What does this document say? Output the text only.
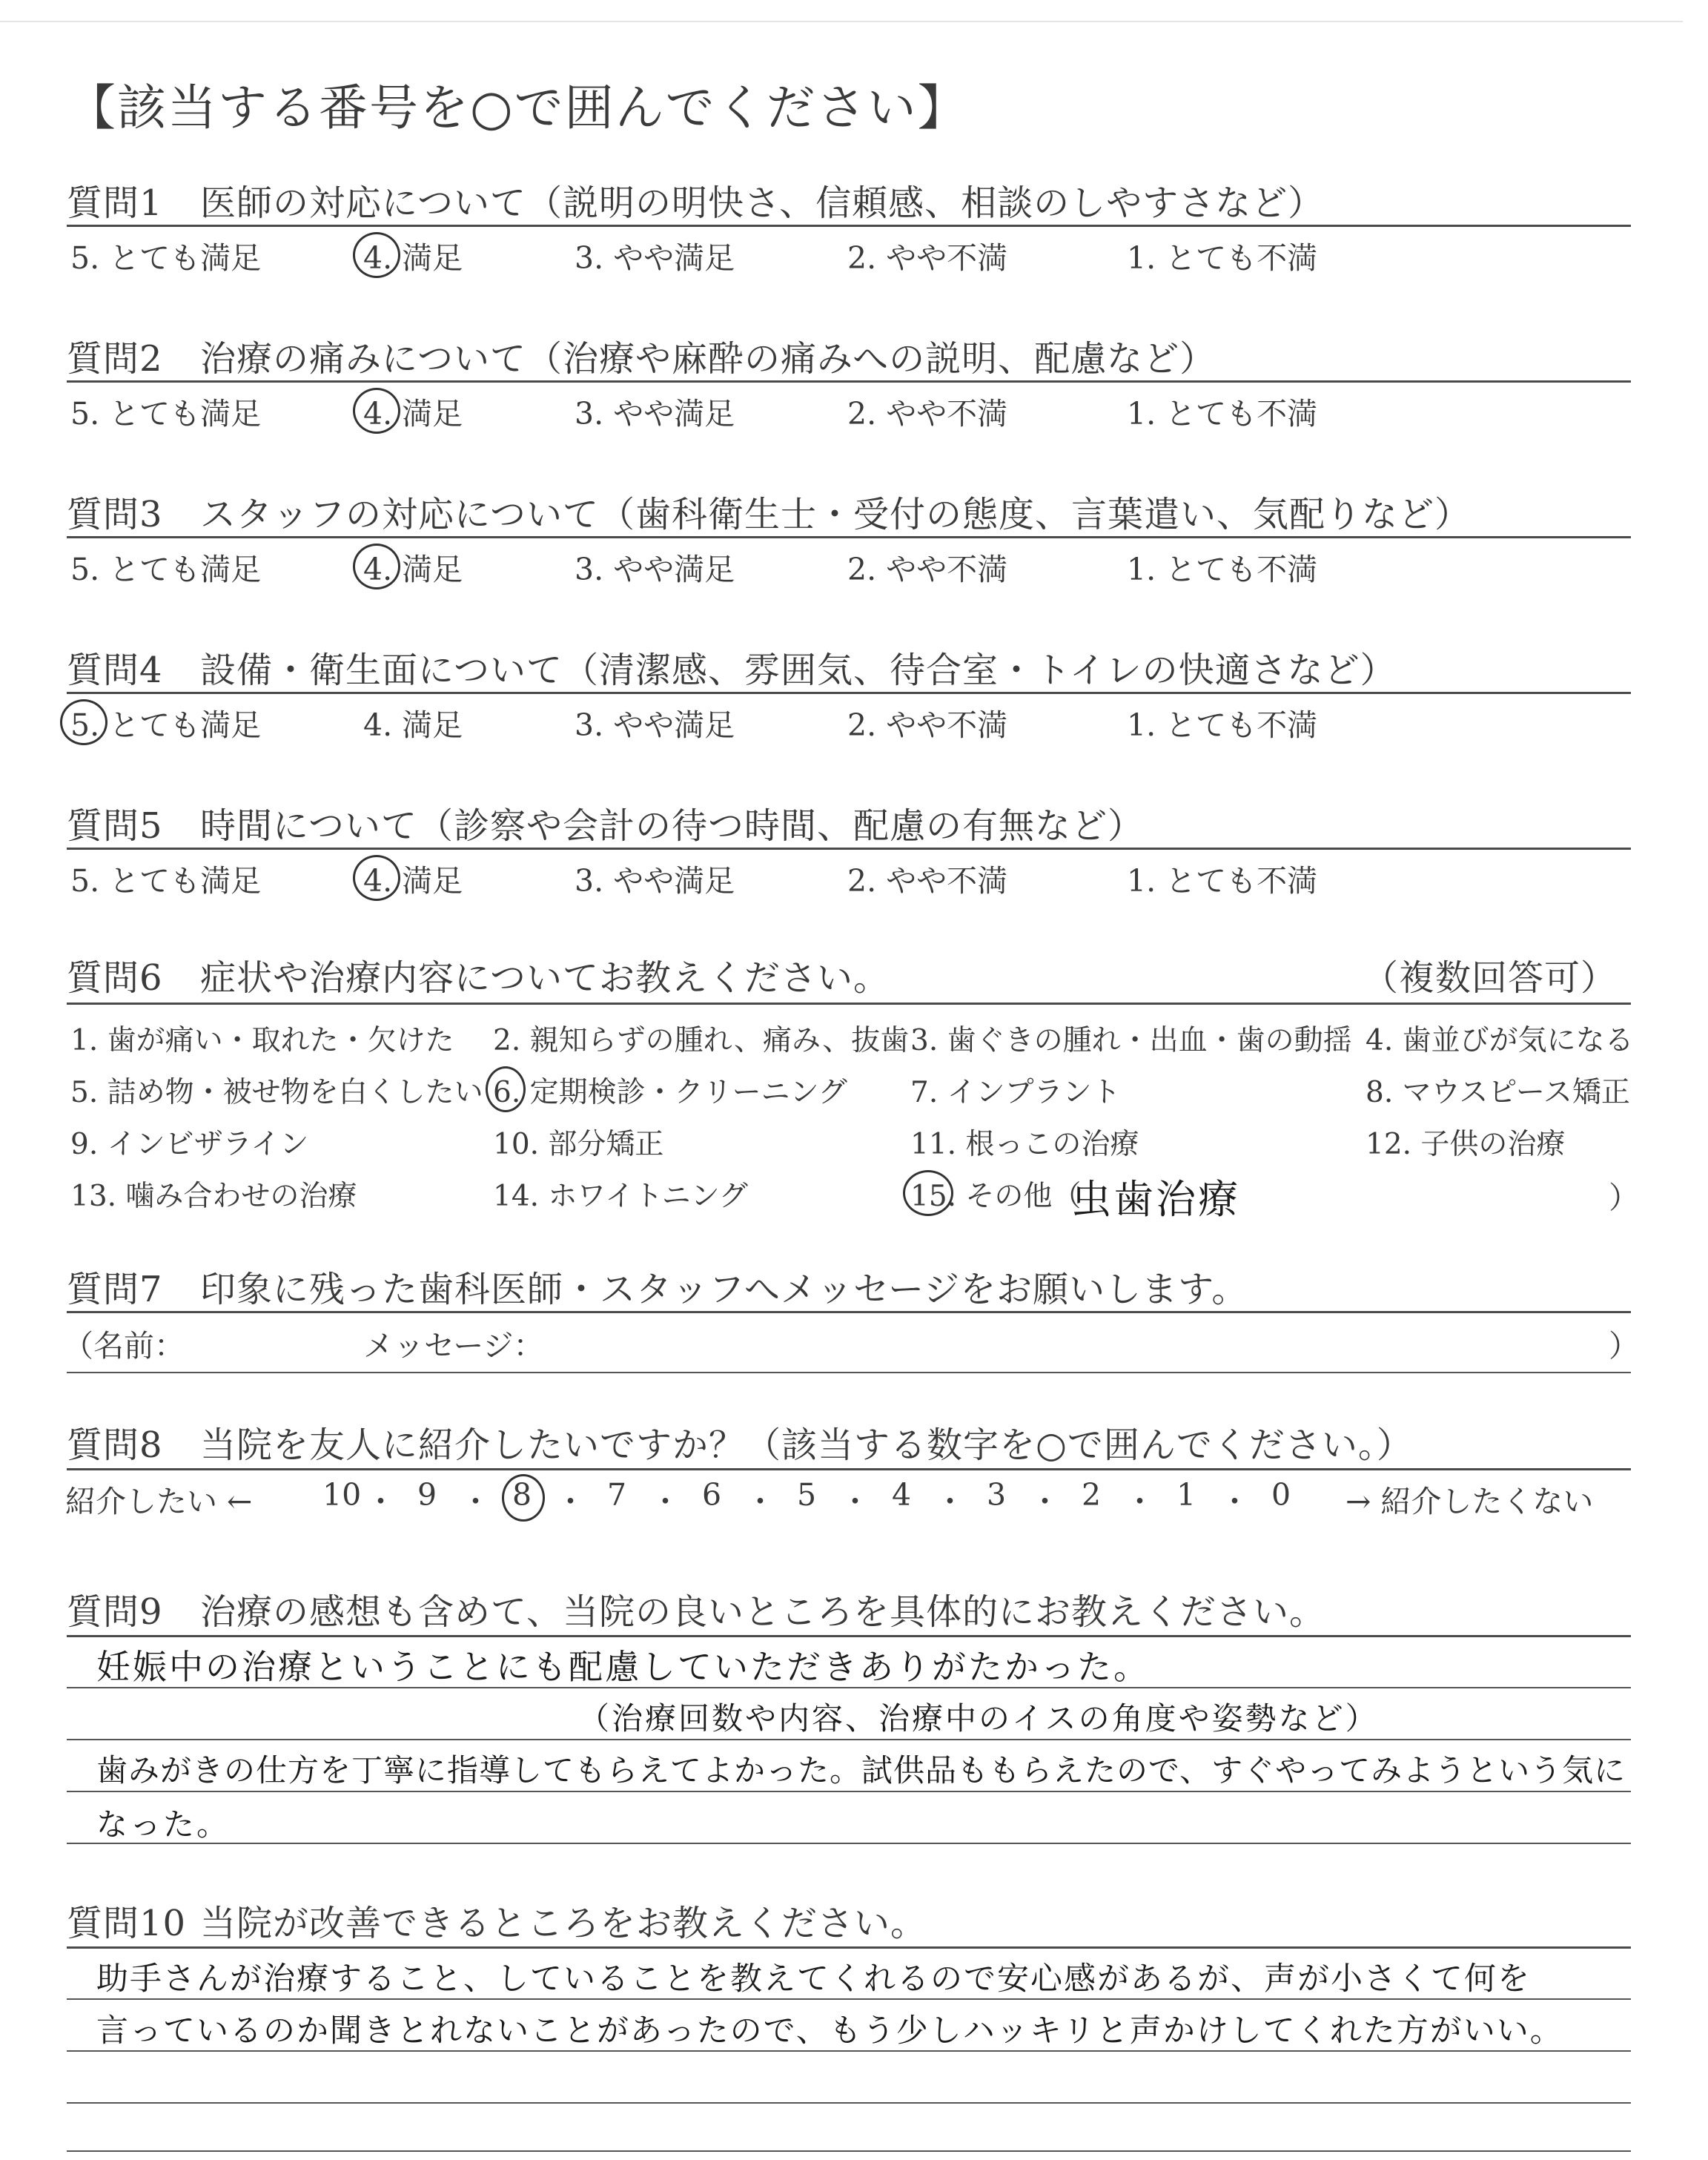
【該当する番号を○で囲んでください】
質問1 医師の対応について（説明の明快さ、信頼感、相談のしやすさなど）
5. とても満足	4. 満足	3. やや満足	2. やや不満	1. とても不満
質問2 治療の痛みについて（治療や麻酔の痛みへの説明、配慮など）
5. とても満足	4. 満足	3. やや満足	2. やや不満	1. とても不満
質問3 スタッフの対応について（歯科衛生士・受付の態度、言葉遣い、気配りなど）
5. とても満足	4. 満足	3. やや満足	2. やや不満	1. とても不満
質問4 設備・衛生面について（清潔感、雰囲気、待合室・トイレの快適さなど）
5. とても満足	4. 満足	3. やや満足	2. やや不満	1. とても不満
質問5 時間について（診察や会計の待つ時間、配慮の有無など）
5. とても満足	4. 満足	3. やや満足	2. やや不満	1. とても不満
質問6 症状や治療内容についてお教えください。	（複数回答可）
1. 歯が痛い・取れた・欠けた 2. 親知らずの腫れ、痛み、抜歯 3. 歯ぐきの腫れ・出血・歯の動揺 4. 歯並びが気になる
5. 詰め物・被せ物を白くしたい 6. 定期検診・クリーニング 7. インプラント	8. マウスピース矯正
9. インビザライン	10. 部分矯正	11. 根っこの治療	12. 子供の治療
13. 噛み合わせの治療	14. ホワイトニング	15. その他（
虫歯治療	）
質問7 印象に残った歯科医師・スタッフへメッセージをお願いします。
（名前：	メッセージ：	）
質問8 当院を友人に紹介したいですか？（該当する数字を○で囲んでください。）
紹介したい ← 10 ・ 9 ・ 8 ・ 7 ・ 6 ・ 5 ・ 4 ・ 3 ・ 2 ・ 1 ・ 0 → 紹介したくない
質問9 治療の感想も含めて、当院の良いところを具体的にお教えください。
妊娠中の治療ということにも配慮していただきありがたかった。
（治療回数や内容、治療中のイスの角度や姿勢など）
歯みがきの仕方を丁寧に指導してもらえてよかった。試供品ももらえたので、すぐやってみようという気に
なった。
質問10 当院が改善できるところをお教えください。
助手さんが治療すること、していることを教えてくれるので安心感があるが、声が小さくて何を
言っているのか聞きとれないことがあったので、もう少しハッキリと声かけしてくれた方がいい。
